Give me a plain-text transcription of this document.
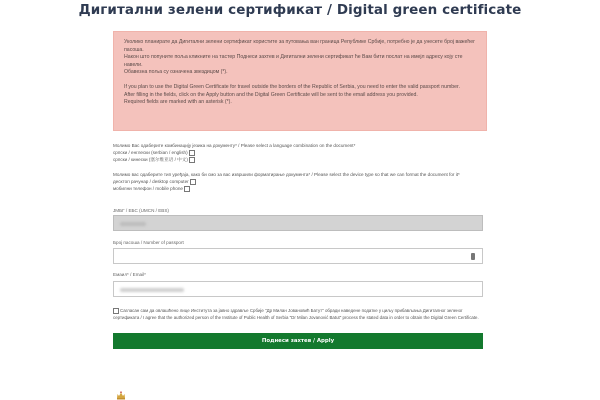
Дигитални зелени сертификат / Digital green certificate

Уколико планирате да Дигитални зелени сертификат користите за путовања ван граница Републике Србије, потребно је да унесете број важећег пасоша.

Након што попуните поља кликните на тастер Поднеси захтев и Дигитални зелени сертификат ће Вам бити послат на имејл адресу коју сте навели.

Обавезна поља су означена звездицом (*).

If you plan to use the Digital Green Certificate for travel outside the borders of the Republic of Serbia, you need to enter the valid passport number.

After filling in the fields, click on the Apply button and the Digital Green Certificate will be sent to the email address you provided.

Required fields are marked with an asterisk (*).

Молимо Вас одаберите комбинацију језика на документу* / Please select a language combination on the document*
српски / енглески (serbian / english)
српски / кинески (塞尔维亚语 / 中文)
Молимо вас одаберите тип уређаја, како би смо за вас извршили форматирање документа* / Please select the device type so that we can format the document for it*
десктоп рачунар / desktop computer
мобилни телефон / mobile phone
ЈМБГ / ЕБС (UMCN / EBS)
Број пасоша / Number of passport
Емаил* / Email*
Сагласан сам да овлашћено лице Института за јавно здравље Србије "Др Милан Јовановић Батут" обради наведене податке у циљу прибављања Дигиталног зеленог сертификата / I agree that the authorized person of the Institute of Public Health of Serbia "Dr Milan Jovanović Batut" process the stated data in order to obtain the Digital Green Certificate.
Поднеси захтев / Apply
